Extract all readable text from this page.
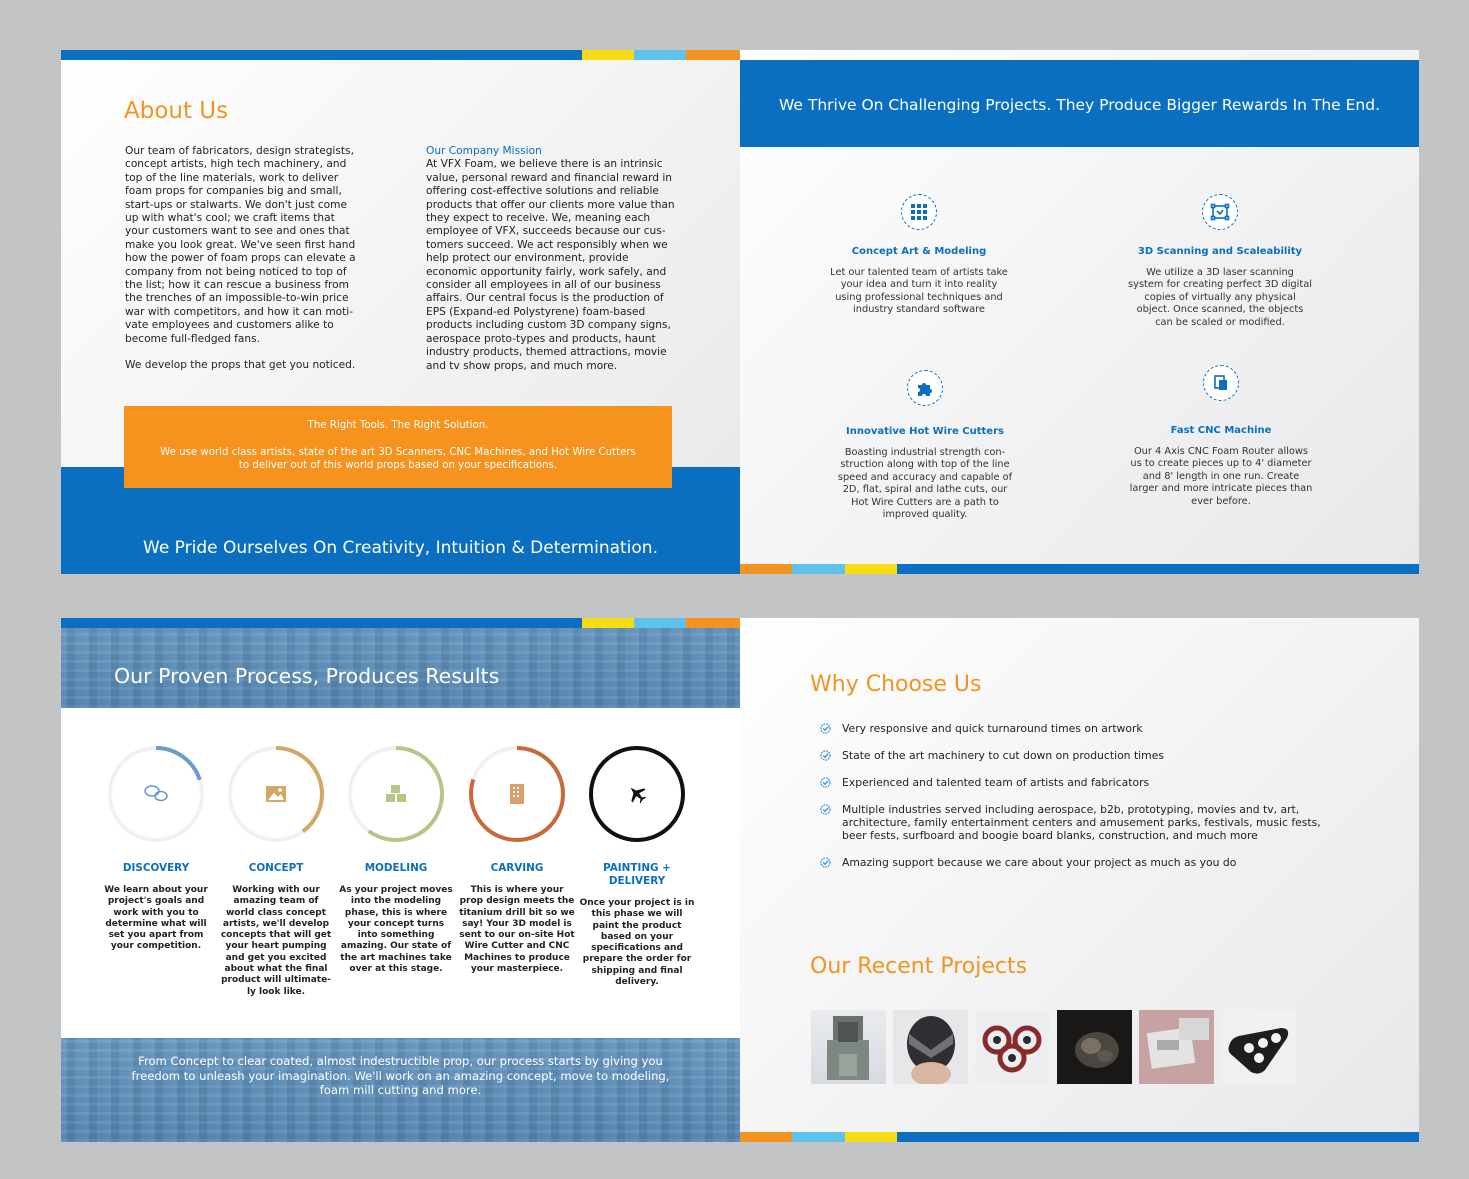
About Us

Our team of fabricators, design strategists, concept artists, high tech machinery, and top of the line materials, work to deliver foam props for companies big and small, start-ups or stalwarts. We don't just come up with what's cool; we craft items that your customers want to see and ones that make you look great. We've seen first hand how the power of foam props can elevate a company from not being noticed to top of the list; how it can rescue a business from the trenches of an impossible-to-win price war with competitors, and how it can moti-vate employees and customers alike to become full-fledged fans.

We develop the props that get you noticed.

Our Company Mission

At VFX Foam, we believe there is an intrinsic value, personal reward and financial reward in offering cost-effective solutions and reliable products that offer our clients more value than they expect to receive. We, meaning each employee of VFX, succeeds because our cus-tomers succeed. We act responsibly when we help protect our environment, provide economic opportunity fairly, work safely, and consider all employees in all of our business affairs. Our central focus is the production of EPS (Expand-ed Polystyrene) foam-based products including custom 3D company signs, aerospace proto-types and products, haunt industry products, themed attractions, movie and tv show props, and much more.

We Pride Ourselves On Creativity, Intuition & Determination.

The Right Tools. The Right Solution.

We use world class artists, state of the art 3D Scanners, CNC Machines, and Hot Wire Cutters to deliver out of this world props based on your specifications.

We Thrive On Challenging Projects. They Produce Bigger Rewards In The End.

Concept Art & Modeling

Let our talented team of artists take your idea and turn it into reality using professional techniques and industry standard software

3D Scanning and Scaleability

We utilize a 3D laser scanning system for creating perfect 3D digital copies of virtually any physical object. Once scanned, the objects can be scaled or modified.

Innovative Hot Wire Cutters

Boasting industrial strength con-struction along with top of the line speed and accuracy and capable of 2D, flat, spiral and lathe cuts, our Hot Wire Cutters are a path to improved quality.

Fast CNC Machine

Our 4 Axis CNC Foam Router allows us to create pieces up to 4' diameter and 8' length in one run. Create larger and more intricate pieces than ever before.

Our Proven Process, Produces Results

DISCOVERY

We learn about your project's goals and work with you to determine what will set you apart from your competition.

CONCEPT

Working with our amazing team of world class concept artists, we'll develop concepts that will get your heart pumping and get you excited about what the final product will ultimate-ly look like.

MODELING

As your project moves into the modeling phase, this is where your concept turns into something amazing. Our state of the art machines take over at this stage.

CARVING

This is where your prop design meets the titanium drill bit so we say! Your 3D model is sent to our on-site Hot Wire Cutter and CNC Machines to produce your masterpiece.

PAINTING + DELIVERY

Once your project is in this phase we will paint the product based on your specifications and prepare the order for shipping and final delivery.

From Concept to clear coated, almost indestructible prop, our process starts by giving you freedom to unleash your imagination. We'll work on an amazing concept, move to modeling, foam mill cutting and more.

Why Choose Us
Very responsive and quick turnaround times on artwork
State of the art machinery to cut down on production times
Experienced and talented team of artists and fabricators
Multiple industries served including aerospace, b2b, prototyping, movies and tv, art, architecture, family entertainment centers and amusement parks, festivals, music fests, beer fests, surfboard and boogie board blanks, construction, and much more
Amazing support because we care about your project as much as you do
Our Recent Projects
